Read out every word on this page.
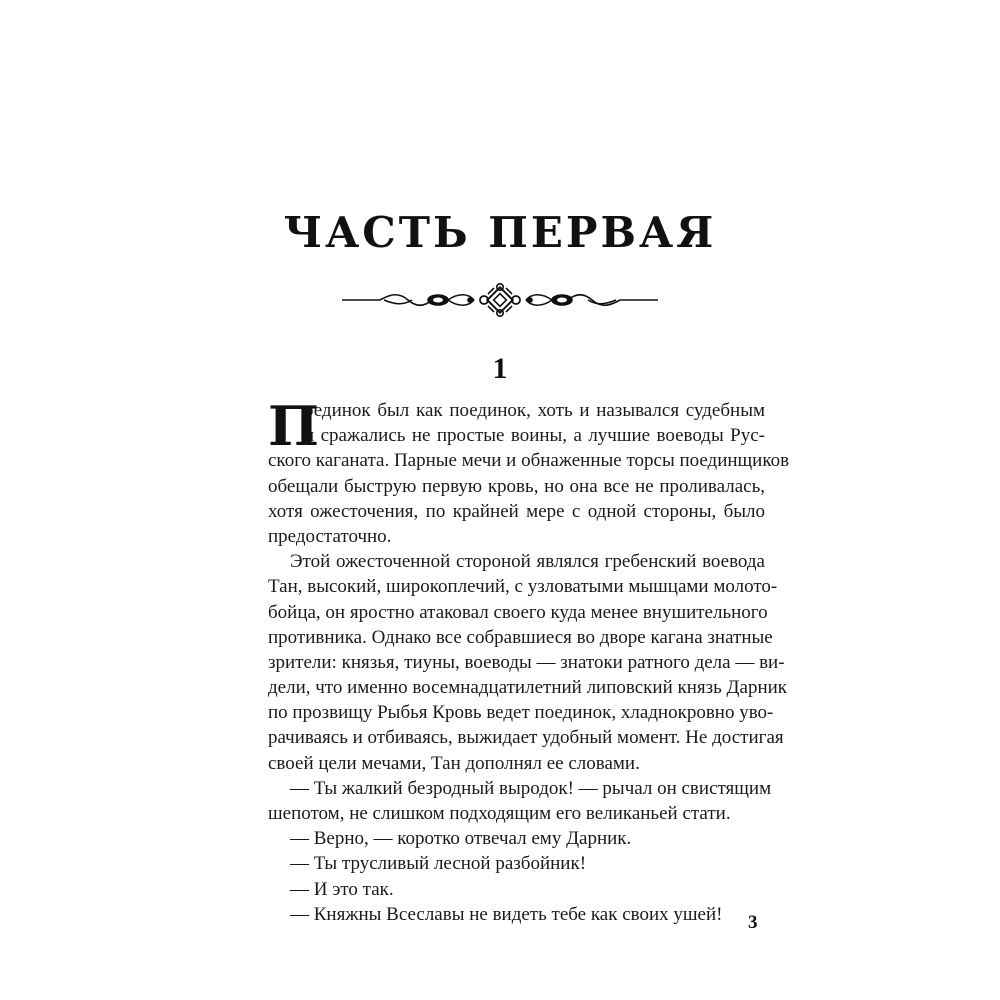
ЧАСТЬ ПЕРВАЯ
1
П
оединок был как поединок, хоть и назывался судебным
и сражались не простые воины, а лучшие воеводы Рус-
ского каганата. Парные мечи и обнаженные торсы поединщиков
обещали быструю первую кровь, но она все не проливалась,
хотя ожесточения, по крайней мере с одной стороны, было
предостаточно.
Этой ожесточенной стороной являлся гребенский воевода
Тан, высокий, широкоплечий, с узловатыми мышцами молото-
бойца, он яростно атаковал своего куда менее внушительного
противника. Однако все собравшиеся во дворе кагана знатные
зрители: князья, тиуны, воеводы — знатоки ратного дела — ви-
дели, что именно восемнадцатилетний липовский князь Дарник
по прозвищу Рыбья Кровь ведет поединок, хладнокровно уво-
рачиваясь и отбиваясь, выжидает удобный момент. Не достигая
своей цели мечами, Тан дополнял ее словами.
— Ты жалкий безродный выродок! — рычал он свистящим
шепотом, не слишком подходящим его великаньей стати.
— Верно, — коротко отвечал ему Дарник.
— Ты трусливый лесной разбойник!
— И это так.
— Княжны Всеславы не видеть тебе как своих ушей!	3
